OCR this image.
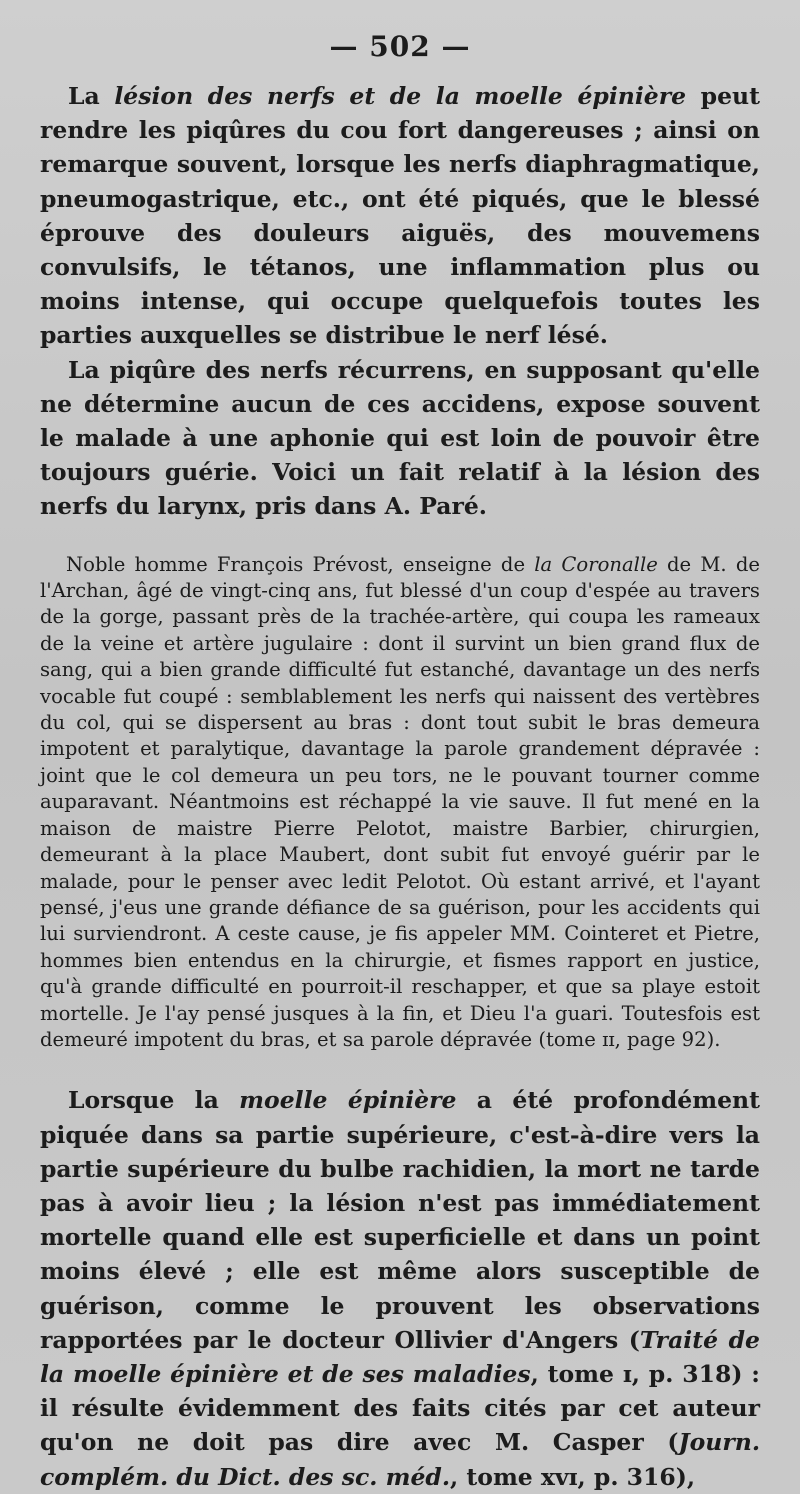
— 502 —

La lésion des nerfs et de la moelle épinière peut rendre les piqûres du cou fort dangereuses ; ainsi on remarque souvent, lorsque les nerfs diaphragmatique, pneumogastrique, etc., ont été piqués, que le blessé éprouve des douleurs aiguës, des mouvemens convulsifs, le tétanos, une inflammation plus ou moins intense, qui occupe quelquefois toutes les parties auxquelles se distribue le nerf lésé.

La piqûre des nerfs récurrens, en supposant qu'elle ne détermine aucun de ces accidens, expose souvent le malade à une aphonie qui est loin de pouvoir être toujours guérie. Voici un fait relatif à la lésion des nerfs du larynx, pris dans A. Paré.

Noble homme François Prévost, enseigne de la Coronalle de M. de l'Archan, âgé de vingt-cinq ans, fut blessé d'un coup d'espée au travers de la gorge, passant près de la trachée-artère, qui coupa les rameaux de la veine et artère jugulaire : dont il survint un bien grand flux de sang, qui a bien grande difficulté fut estanché, davantage un des nerfs vocable fut coupé : semblablement les nerfs qui naissent des vertèbres du col, qui se dispersent au bras : dont tout subit le bras demeura impotent et paralytique, davantage la parole grandement dépravée : joint que le col demeura un peu tors, ne le pouvant tourner comme auparavant. Néantmoins est réchappé la vie sauve. Il fut mené en la maison de maistre Pierre Pelotot, maistre Barbier, chirurgien, demeurant à la place Maubert, dont subit fut envoyé guérir par le malade, pour le penser avec ledit Pelotot. Où estant arrivé, et l'ayant pensé, j'eus une grande défiance de sa guérison, pour les accidents qui lui surviendront. A ceste cause, je fis appeler MM. Cointeret et Pietre, hommes bien entendus en la chirurgie, et fismes rapport en justice, qu'à grande difficulté en pourroit-il reschapper, et que sa playe estoit mortelle. Je l'ay pensé jusques à la fin, et Dieu l'a guari. Toutesfois est demeuré impotent du bras, et sa parole dépravée (tome ɪɪ, page 92).

Lorsque la moelle épinière a été profondément piquée dans sa partie supérieure, c'est-à-dire vers la partie supérieure du bulbe rachidien, la mort ne tarde pas à avoir lieu ; la lésion n'est pas immédiatement mortelle quand elle est superficielle et dans un point moins élevé ; elle est même alors susceptible de guérison, comme le prouvent les observations rapportées par le docteur Ollivier d'Angers (Traité de la moelle épinière et de ses maladies, tome ɪ, p. 318) : il résulte évidemment des faits cités par cet auteur qu'on ne doit pas dire avec M. Casper (Journ. complém. du Dict. des sc. méd., tome xvɪ, p. 316),
